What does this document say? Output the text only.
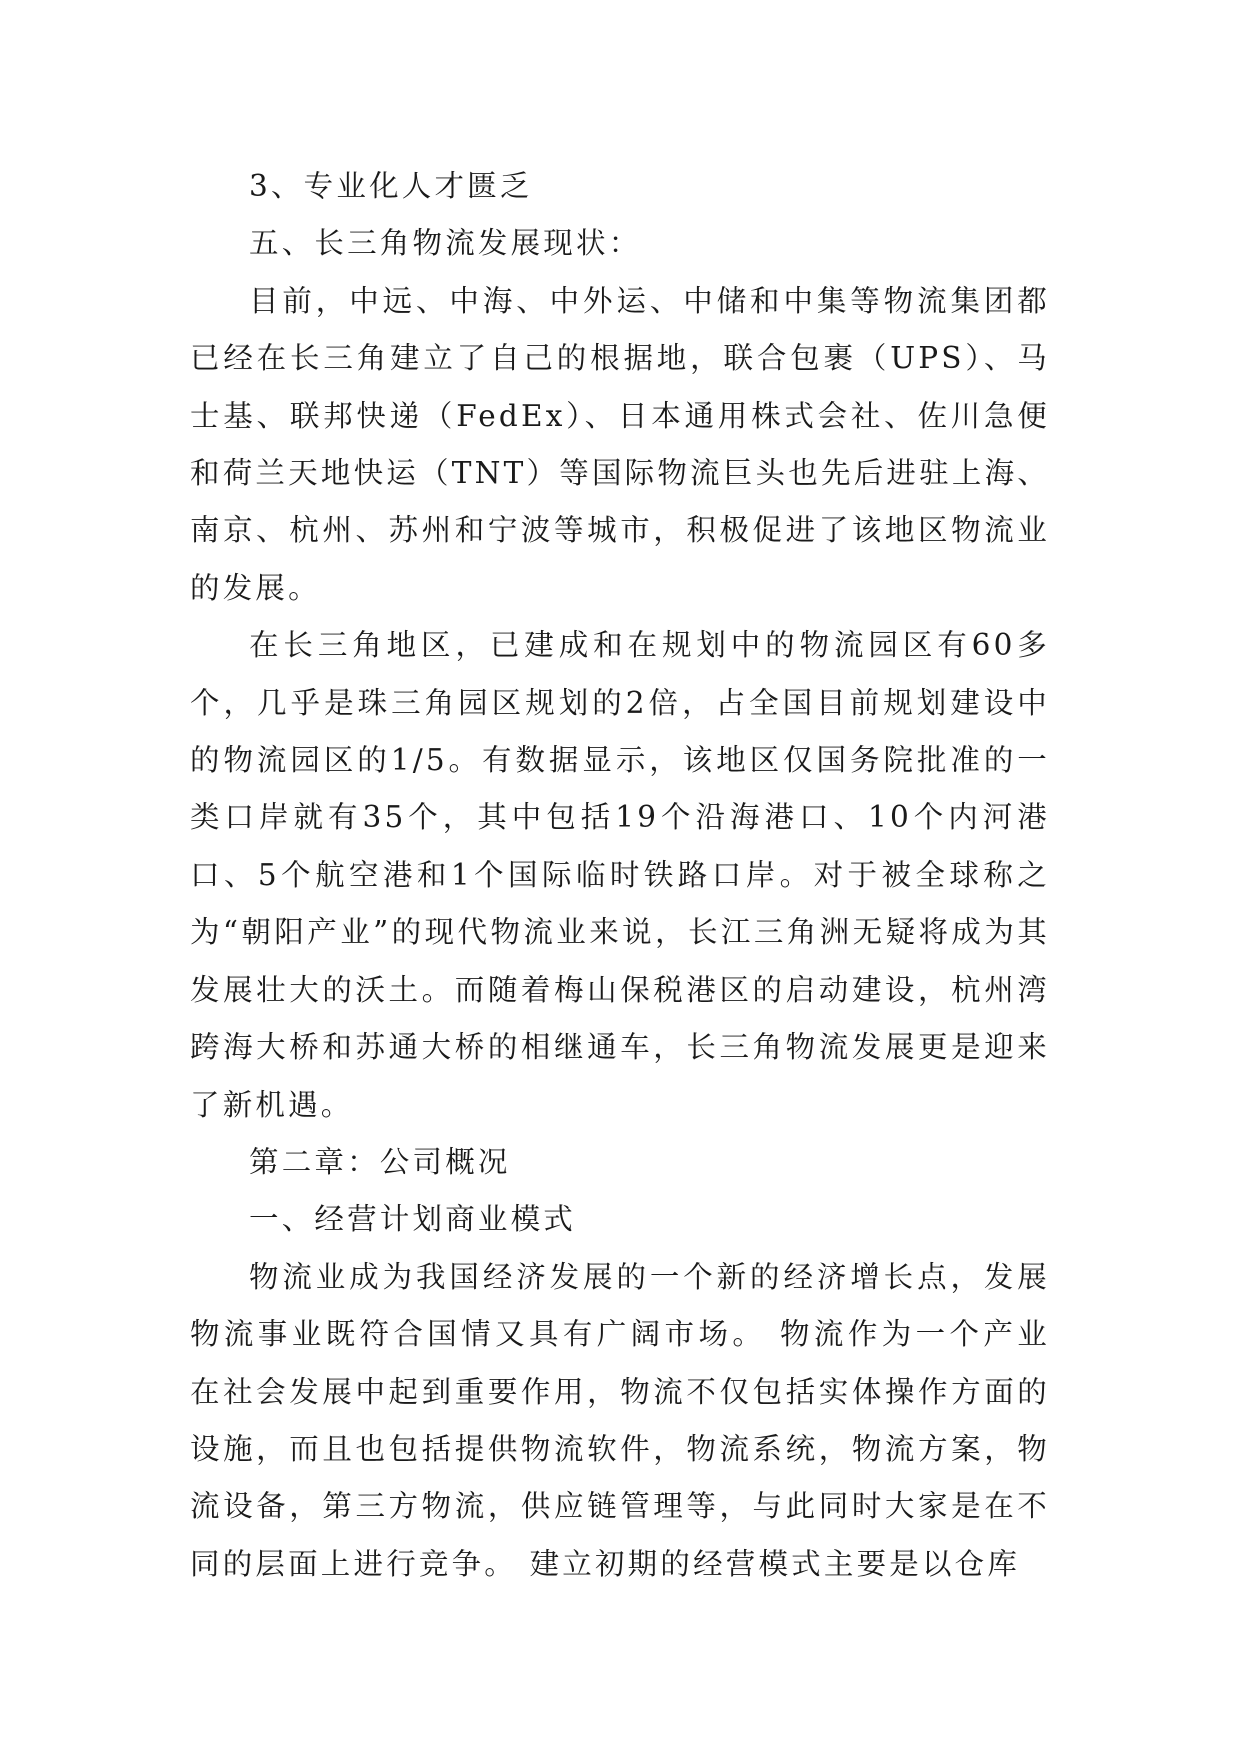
3、专业化人才匮乏

五、长三角物流发展现状：

目前，中远、中海、中外运、中储和中集等物流集团都已经在长三角建立了自己的根据地，联合包裹（UPS）、马士基、联邦快递（FedEx）、日本通用株式会社、佐川急便和荷兰天地快运（TNT）等国际物流巨头也先后进驻上海、南京、杭州、苏州和宁波等城市，积极促进了该地区物流业的发展。

在长三角地区，已建成和在规划中的物流园区有60多个，几乎是珠三角园区规划的2倍，占全国目前规划建设中的物流园区的1/5。有数据显示，该地区仅国务院批准的一类口岸就有35个，其中包括19个沿海港口、10个内河港口、5个航空港和1个国际临时铁路口岸。对于被全球称之为“朝阳产业”的现代物流业来说，长江三角洲无疑将成为其发展壮大的沃土。而随着梅山保税港区的启动建设，杭州湾跨海大桥和苏通大桥的相继通车，长三角物流发展更是迎来了新机遇。

第二章：公司概况

一、经营计划商业模式

物流业成为我国经济发展的一个新的经济增长点，发展物流事业既符合国情又具有广阔市场。 物流作为一个产业在社会发展中起到重要作用，物流不仅包括实体操作方面的设施，而且也包括提供物流软件，物流系统，物流方案，物流设备，第三方物流，供应链管理等，与此同时大家是在不同的层面上进行竞争。 建立初期的经营模式主要是以仓库
